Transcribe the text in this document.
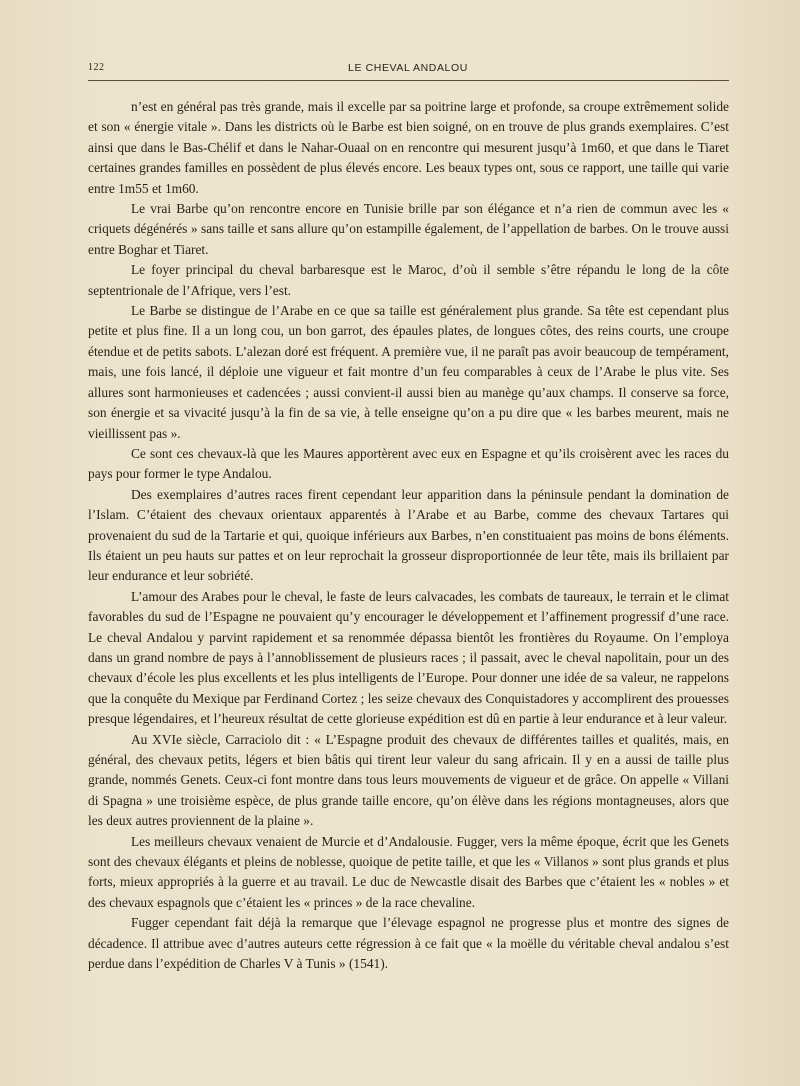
122	LE CHEVAL ANDALOU

n’est en général pas très grande, mais il excelle par sa poitrine large et profonde, sa croupe extrêmement solide et son « énergie vitale ». Dans les districts où le Barbe est bien soigné, on en trouve de plus grands exemplaires. C’est ainsi que dans le Bas-Chélif et dans le Nahar-Ouaal on en rencontre qui mesurent jusqu’à 1m60, et que dans le Tiaret certaines grandes familles en possèdent de plus élevés encore. Les beaux types ont, sous ce rapport, une taille qui varie entre 1m55 et 1m60.

Le vrai Barbe qu’on rencontre encore en Tunisie brille par son élégance et n’a rien de commun avec les « criquets dégénérés » sans taille et sans allure qu’on estampille également, de l’appellation de barbes. On le trouve aussi entre Boghar et Tiaret.

Le foyer principal du cheval barbaresque est le Maroc, d’où il semble s’être répandu le long de la côte septentrionale de l’Afrique, vers l’est.

Le Barbe se distingue de l’Arabe en ce que sa taille est généralement plus grande. Sa tête est cependant plus petite et plus fine. Il a un long cou, un bon garrot, des épaules plates, de longues côtes, des reins courts, une croupe étendue et de petits sabots. L’alezan doré est fréquent. A première vue, il ne paraît pas avoir beaucoup de tempérament, mais, une fois lancé, il déploie une vigueur et fait montre d’un feu comparables à ceux de l’Arabe le plus vite. Ses allures sont harmonieuses et cadencées ; aussi convient-il aussi bien au manège qu’aux champs. Il conserve sa force, son énergie et sa vivacité jusqu’à la fin de sa vie, à telle enseigne qu’on a pu dire que « les barbes meurent, mais ne vieillissent pas ».

Ce sont ces chevaux-là que les Maures apportèrent avec eux en Espagne et qu’ils croisèrent avec les races du pays pour former le type Andalou.

Des exemplaires d’autres races firent cependant leur apparition dans la péninsule pendant la domination de l’Islam. C’étaient des chevaux orientaux apparentés à l’Arabe et au Barbe, comme des chevaux Tartares qui provenaient du sud de la Tartarie et qui, quoique inférieurs aux Barbes, n’en constituaient pas moins de bons éléments. Ils étaient un peu hauts sur pattes et on leur reprochait la grosseur disproportionnée de leur tête, mais ils brillaient par leur endurance et leur sobriété.

L’amour des Arabes pour le cheval, le faste de leurs calvacades, les combats de taureaux, le terrain et le climat favorables du sud de l’Espagne ne pouvaient qu’y encourager le développement et l’affinement progressif d’une race. Le cheval Andalou y parvint rapidement et sa renommée dépassa bientôt les frontières du Royaume. On l’employa dans un grand nombre de pays à l’annoblissement de plusieurs races ; il passait, avec le cheval napolitain, pour un des chevaux d’école les plus excellents et les plus intelligents de l’Europe. Pour donner une idée de sa valeur, ne rappelons que la conquête du Mexique par Ferdinand Cortez ; les seize chevaux des Conquistadores y accomplirent des prouesses presque légendaires, et l’heureux résultat de cette glorieuse expédition est dû en partie à leur endurance et à leur valeur.

Au XVIe siècle, Carraciolo dit : « L’Espagne produit des chevaux de différentes tailles et qualités, mais, en général, des chevaux petits, légers et bien bâtis qui tirent leur valeur du sang africain. Il y en a aussi de taille plus grande, nommés Genets. Ceux-ci font montre dans tous leurs mouvements de vigueur et de grâce. On appelle « Villani di Spagna » une troisième espèce, de plus grande taille encore, qu’on élève dans les régions montagneuses, alors que les deux autres proviennent de la plaine ».

Les meilleurs chevaux venaient de Murcie et d’Andalousie. Fugger, vers la même époque, écrit que les Genets sont des chevaux élégants et pleins de noblesse, quoique de petite taille, et que les « Villanos » sont plus grands et plus forts, mieux appropriés à la guerre et au travail. Le duc de Newcastle disait des Barbes que c’étaient les « nobles » et des chevaux espagnols que c’étaient les « princes » de la race chevaline.

Fugger cependant fait déjà la remarque que l’élevage espagnol ne progresse plus et montre des signes de décadence. Il attribue avec d’autres auteurs cette régression à ce fait que « la moëlle du véritable cheval andalou s’est perdue dans l’expédition de Charles V à Tunis » (1541).
